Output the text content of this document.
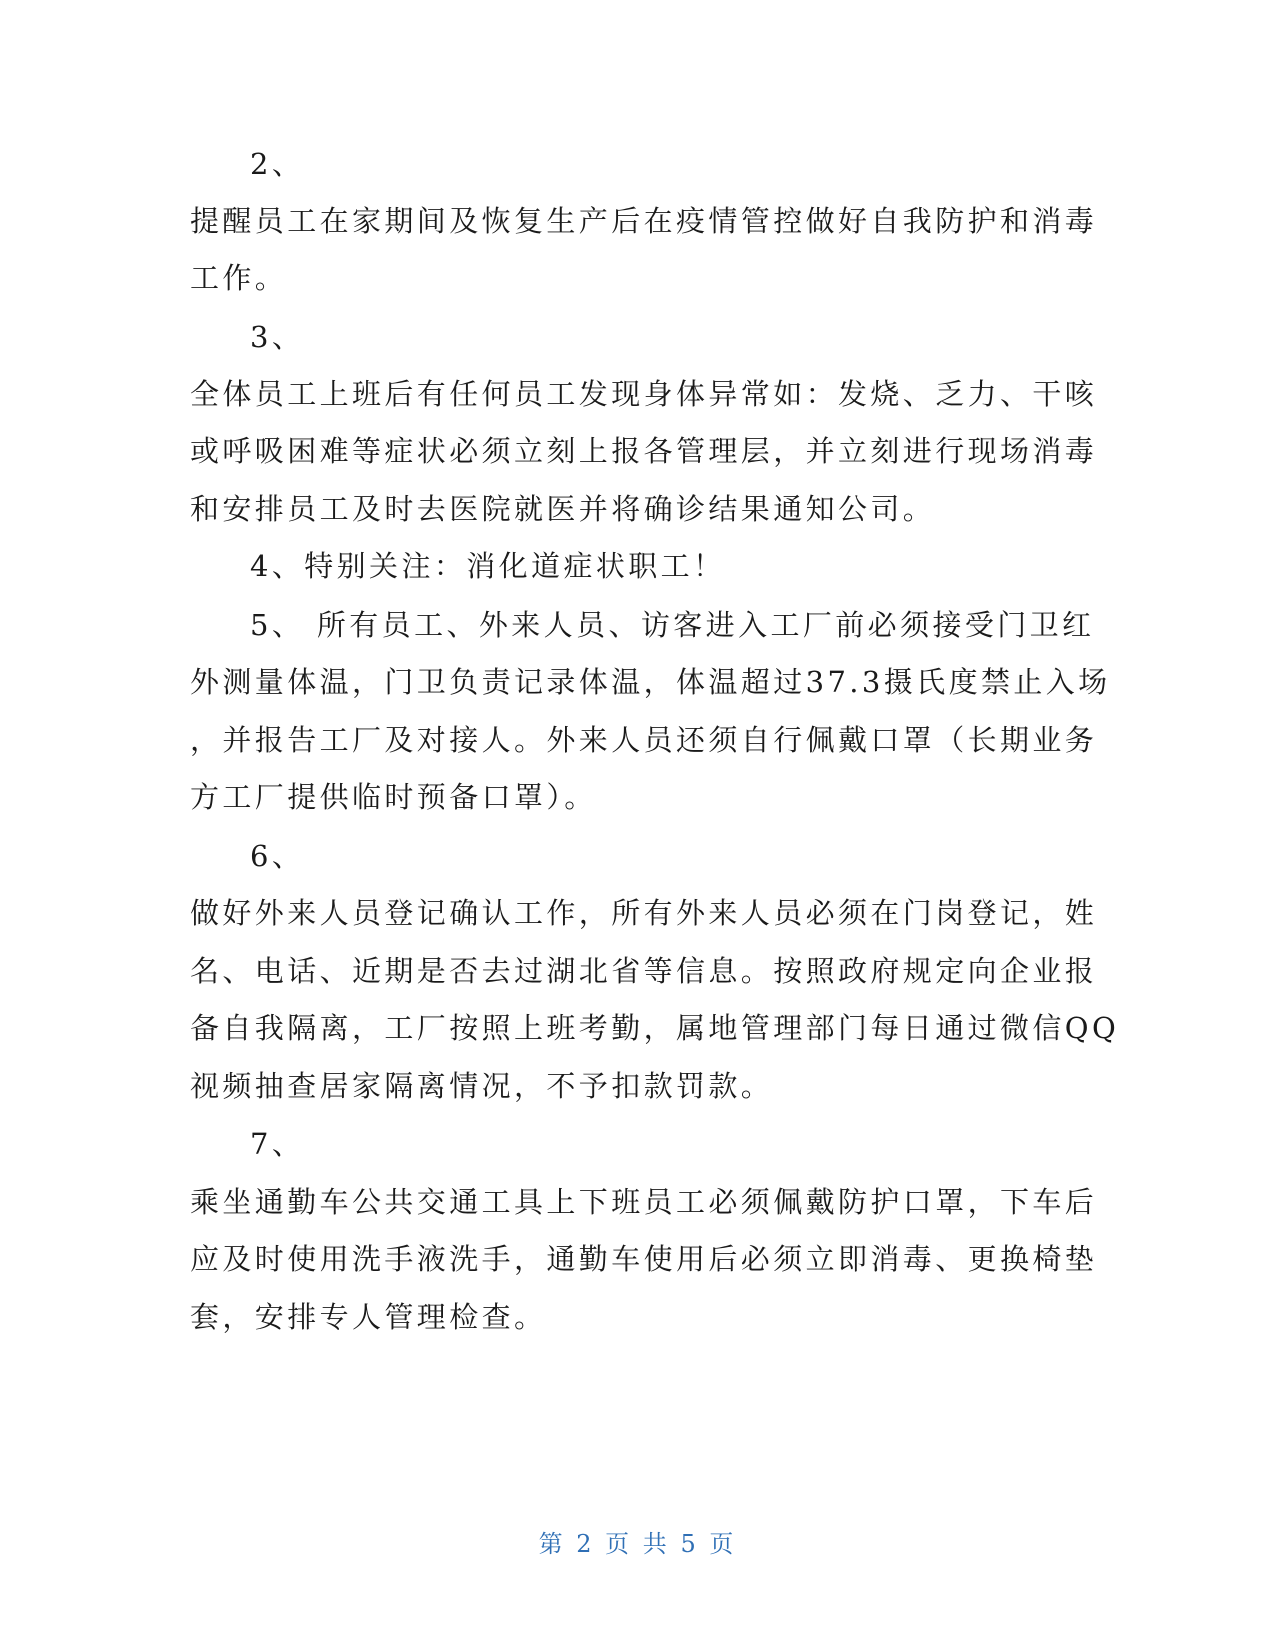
2、
提醒员工在家期间及恢复生产后在疫情管控做好自我防护和消毒
工作。
3、
全体员工上班后有任何员工发现身体异常如：发烧、乏力、干咳
或呼吸困难等症状必须立刻上报各管理层，并立刻进行现场消毒
和安排员工及时去医院就医并将确诊结果通知公司。
4、特别关注：消化道症状职工！
5、 所有员工、外来人员、访客进入工厂前必须接受门卫红
外测量体温，门卫负责记录体温，体温超过37.3摄氏度禁止入场
，并报告工厂及对接人。外来人员还须自行佩戴口罩（长期业务
方工厂提供临时预备口罩）。
6、
做好外来人员登记确认工作，所有外来人员必须在门岗登记，姓
名、电话、近期是否去过湖北省等信息。按照政府规定向企业报
备自我隔离，工厂按照上班考勤，属地管理部门每日通过微信QQ
视频抽查居家隔离情况，不予扣款罚款。
7、
乘坐通勤车公共交通工具上下班员工必须佩戴防护口罩，下车后
应及时使用洗手液洗手，通勤车使用后必须立即消毒、更换椅垫
套，安排专人管理检查。
第 2 页 共 5 页
